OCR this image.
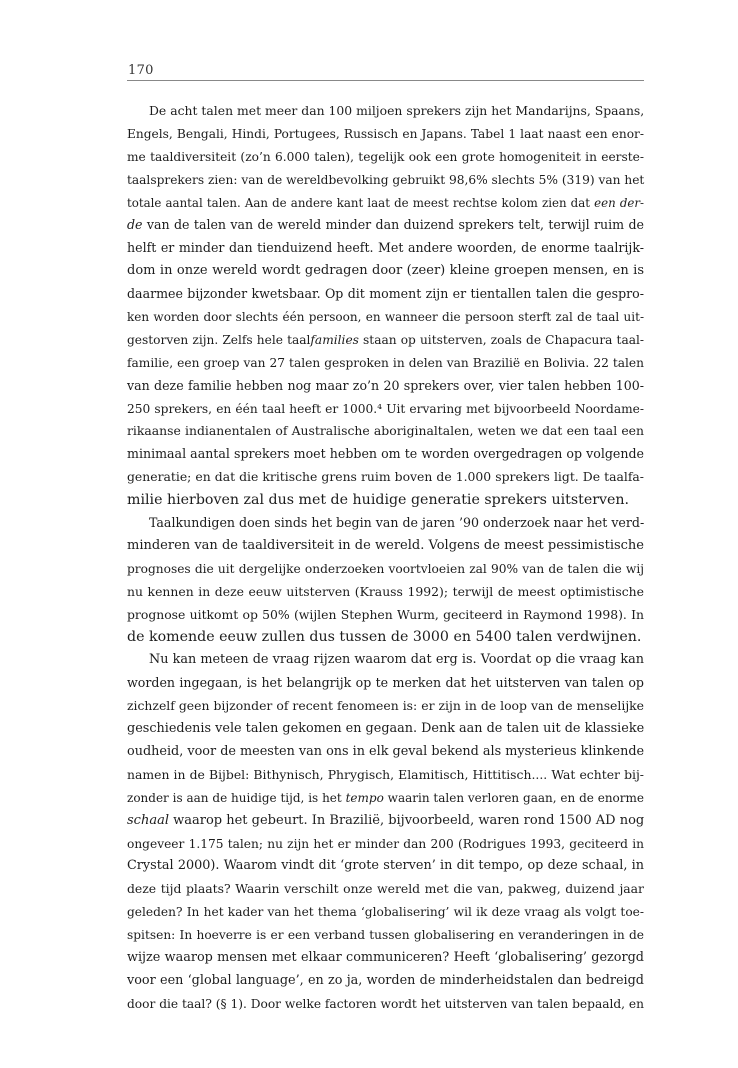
170
De acht talen met meer dan 100 miljoen sprekers zijn het Mandarijns, Spaans,
Engels, Bengali, Hindi, Portugees, Russisch en Japans. Tabel 1 laat naast een enor-
me taaldiversiteit (zo’n 6.000 talen), tegelijk ook een grote homogeniteit in eerste-
taalsprekers zien: van de wereldbevolking gebruikt 98,6% slechts 5% (319) van het
totale aantal talen. Aan de andere kant laat de meest rechtse kolom zien dat een der-
de van de talen van de wereld minder dan duizend sprekers telt, terwijl ruim de
helft er minder dan tienduizend heeft. Met andere woorden, de enorme taalrijk-
dom in onze wereld wordt gedragen door (zeer) kleine groepen mensen, en is
daarmee bijzonder kwetsbaar. Op dit moment zijn er tientallen talen die gespro-
ken worden door slechts één persoon, en wanneer die persoon sterft zal de taal uit-
gestorven zijn. Zelfs hele taalfamilies staan op uitsterven, zoals de Chapacura taal-
familie, een groep van 27 talen gesproken in delen van Brazilië en Bolivia. 22 talen
van deze familie hebben nog maar zo’n 20 sprekers over, vier talen hebben 100-
250 sprekers, en één taal heeft er 1000.⁴ Uit ervaring met bijvoorbeeld Noordame-
rikaanse indianentalen of Australische aboriginaltalen, weten we dat een taal een
minimaal aantal sprekers moet hebben om te worden overgedragen op volgende
generatie; en dat die kritische grens ruim boven de 1.000 sprekers ligt. De taalfa-
milie hierboven zal dus met de huidige generatie sprekers uitsterven.
Taalkundigen doen sinds het begin van de jaren ’90 onderzoek naar het verd-
minderen van de taaldiversiteit in de wereld. Volgens de meest pessimistische
prognoses die uit dergelijke onderzoeken voortvloeien zal 90% van de talen die wij
nu kennen in deze eeuw uitsterven (Krauss 1992); terwijl de meest optimistische
prognose uitkomt op 50% (wijlen Stephen Wurm, geciteerd in Raymond 1998). In
de komende eeuw zullen dus tussen de 3000 en 5400 talen verdwijnen.
Nu kan meteen de vraag rijzen waarom dat erg is. Voordat op die vraag kan
worden ingegaan, is het belangrijk op te merken dat het uitsterven van talen op
zichzelf geen bijzonder of recent fenomeen is: er zijn in de loop van de menselijke
geschiedenis vele talen gekomen en gegaan. Denk aan de talen uit de klassieke
oudheid, voor de meesten van ons in elk geval bekend als mysterieus klinkende
namen in de Bijbel: Bithynisch, Phrygisch, Elamitisch, Hittitisch.... Wat echter bij-
zonder is aan de huidige tijd, is het tempo waarin talen verloren gaan, en de enorme
schaal waarop het gebeurt. In Brazilië, bijvoorbeeld, waren rond 1500 AD nog
ongeveer 1.175 talen; nu zijn het er minder dan 200 (Rodrigues 1993, geciteerd in
Crystal 2000). Waarom vindt dit ‘grote sterven’ in dit tempo, op deze schaal, in
deze tijd plaats? Waarin verschilt onze wereld met die van, pakweg, duizend jaar
geleden? In het kader van het thema ‘globalisering’ wil ik deze vraag als volgt toe-
spitsen: In hoeverre is er een verband tussen globalisering en veranderingen in de
wijze waarop mensen met elkaar communiceren? Heeft ‘globalisering’ gezorgd
voor een ‘global language’, en zo ja, worden de minderheidstalen dan bedreigd
door die taal? (§ 1). Door welke factoren wordt het uitsterven van talen bepaald, en
